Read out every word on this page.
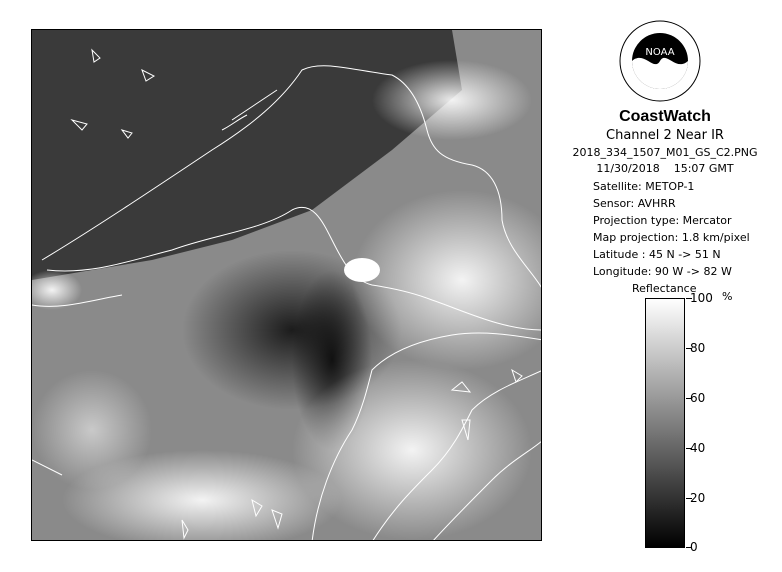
NOAA
CoastWatch
Channel 2 Near IR
2018_334_1507_M01_GS_C2.PNG
11/30/2018    15:07 GMT
Satellite: METOP-1
Sensor: AVHRR
Projection type: Mercator
Map projection: 1.8 km/pixel
Latitude : 45 N -> 51 N
Longitude: 90 W -> 82 W
Reflectance
%
100
80
60
40
20
0
